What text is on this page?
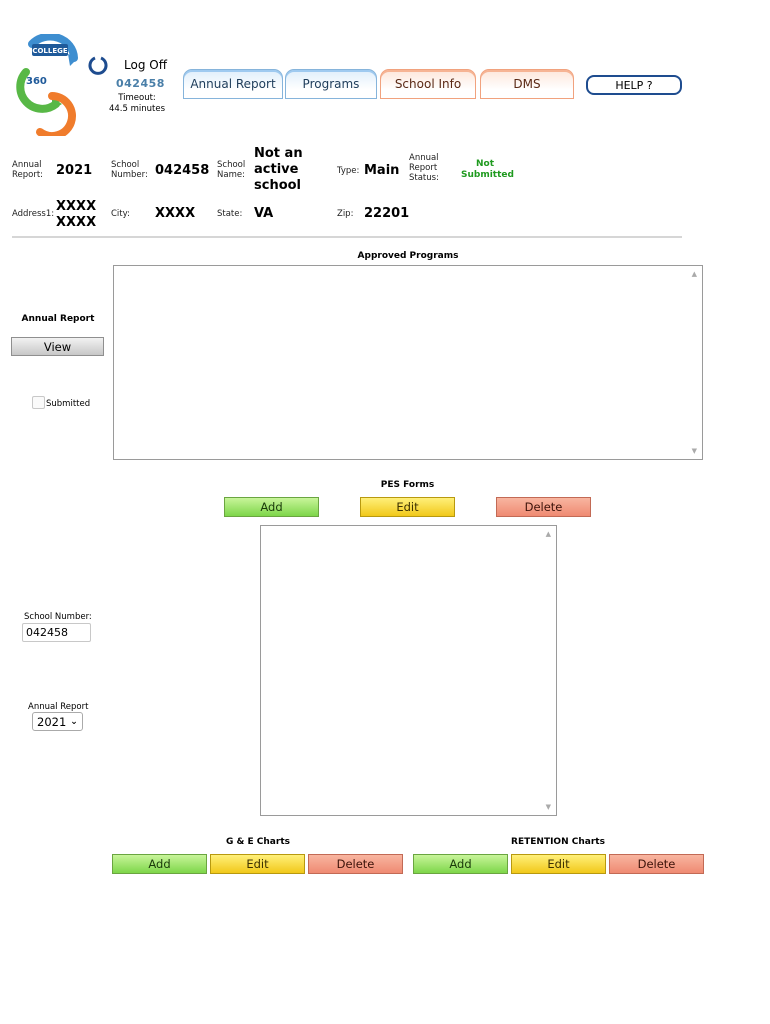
COLLEGE
360
Log Off
042458
Timeout:
44.5 minutes
Annual Report	Programs	School Info	DMS	HELP ?
Annual Report: 2021 School Number: 042458 School Name:
Not an active school
Type: Main
Annual Report Status:
Not Submitted
Address1: XXXX XXXX
City: XXXX	State: VA	Zip: 22201
Approved Programs
▲
▼
Annual Report
View
Submitted
School Number:
042458
Annual Report
2021 ⌄
PES Forms
Add	Edit	Delete
▲
▼
G & E Charts
Add	Edit	Delete
RETENTION Charts
Add	Edit	Delete
